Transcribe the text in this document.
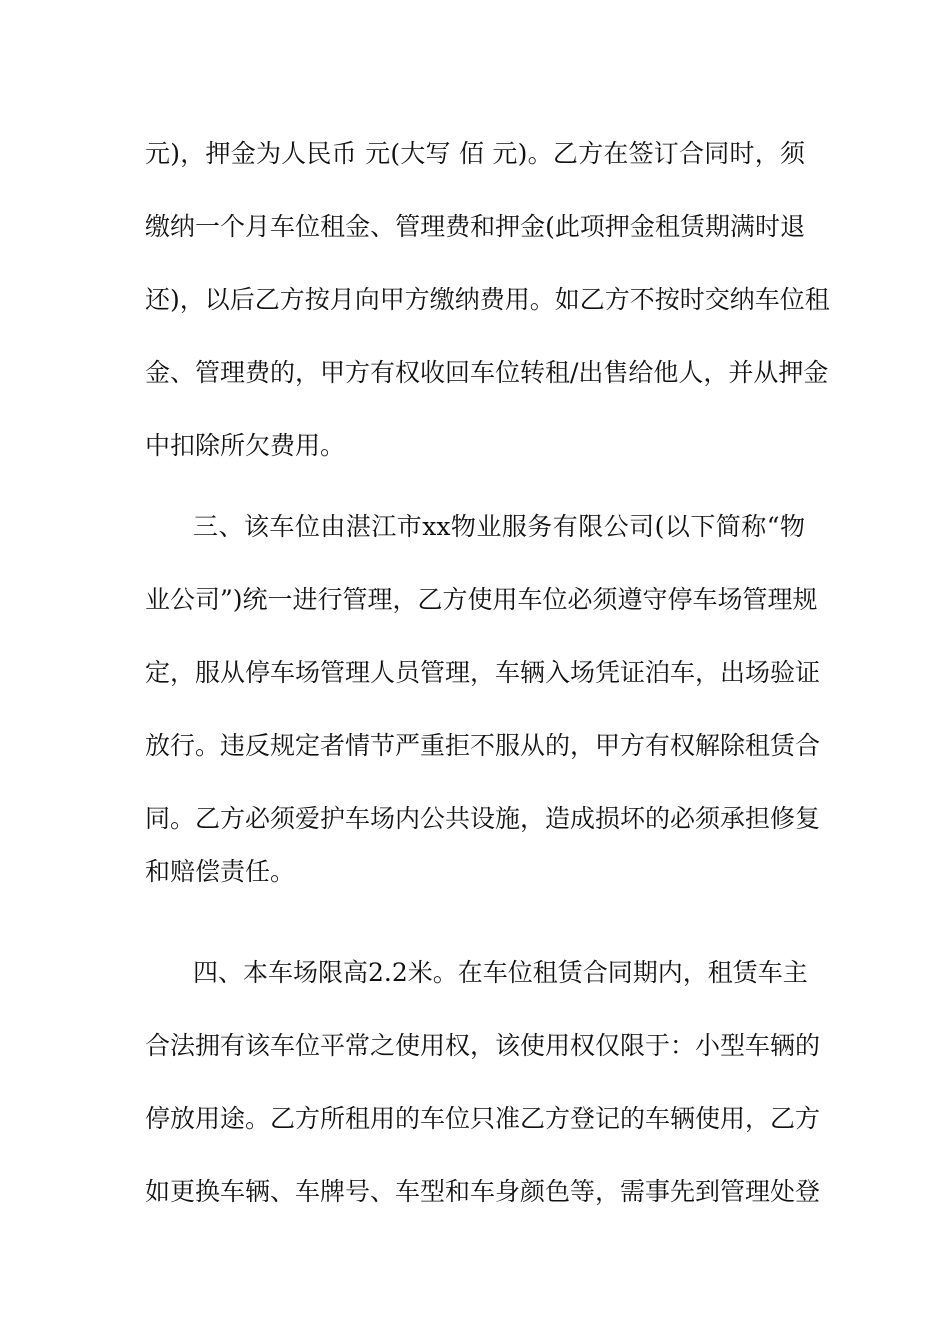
元)，押金为人民币 元(大写 佰 元)。乙方在签订合同时，须
缴纳一个月车位租金、管理费和押金(此项押金租赁期满时退
还)，以后乙方按月向甲方缴纳费用。如乙方不按时交纳车位租
金、管理费的，甲方有权收回车位转租/出售给他人，并从押金
中扣除所欠费用。
三、该车位由湛江市xx物业服务有限公司(以下简称“物
业公司”)统一进行管理，乙方使用车位必须遵守停车场管理规
定，服从停车场管理人员管理，车辆入场凭证泊车，出场验证
放行。违反规定者情节严重拒不服从的，甲方有权解除租赁合
同。乙方必须爱护车场内公共设施，造成损坏的必须承担修复
和赔偿责任。
四、本车场限高2.2米。在车位租赁合同期内，租赁车主
合法拥有该车位平常之使用权，该使用权仅限于：小型车辆的
停放用途。乙方所租用的车位只准乙方登记的车辆使用，乙方
如更换车辆、车牌号、车型和车身颜色等，需事先到管理处登
